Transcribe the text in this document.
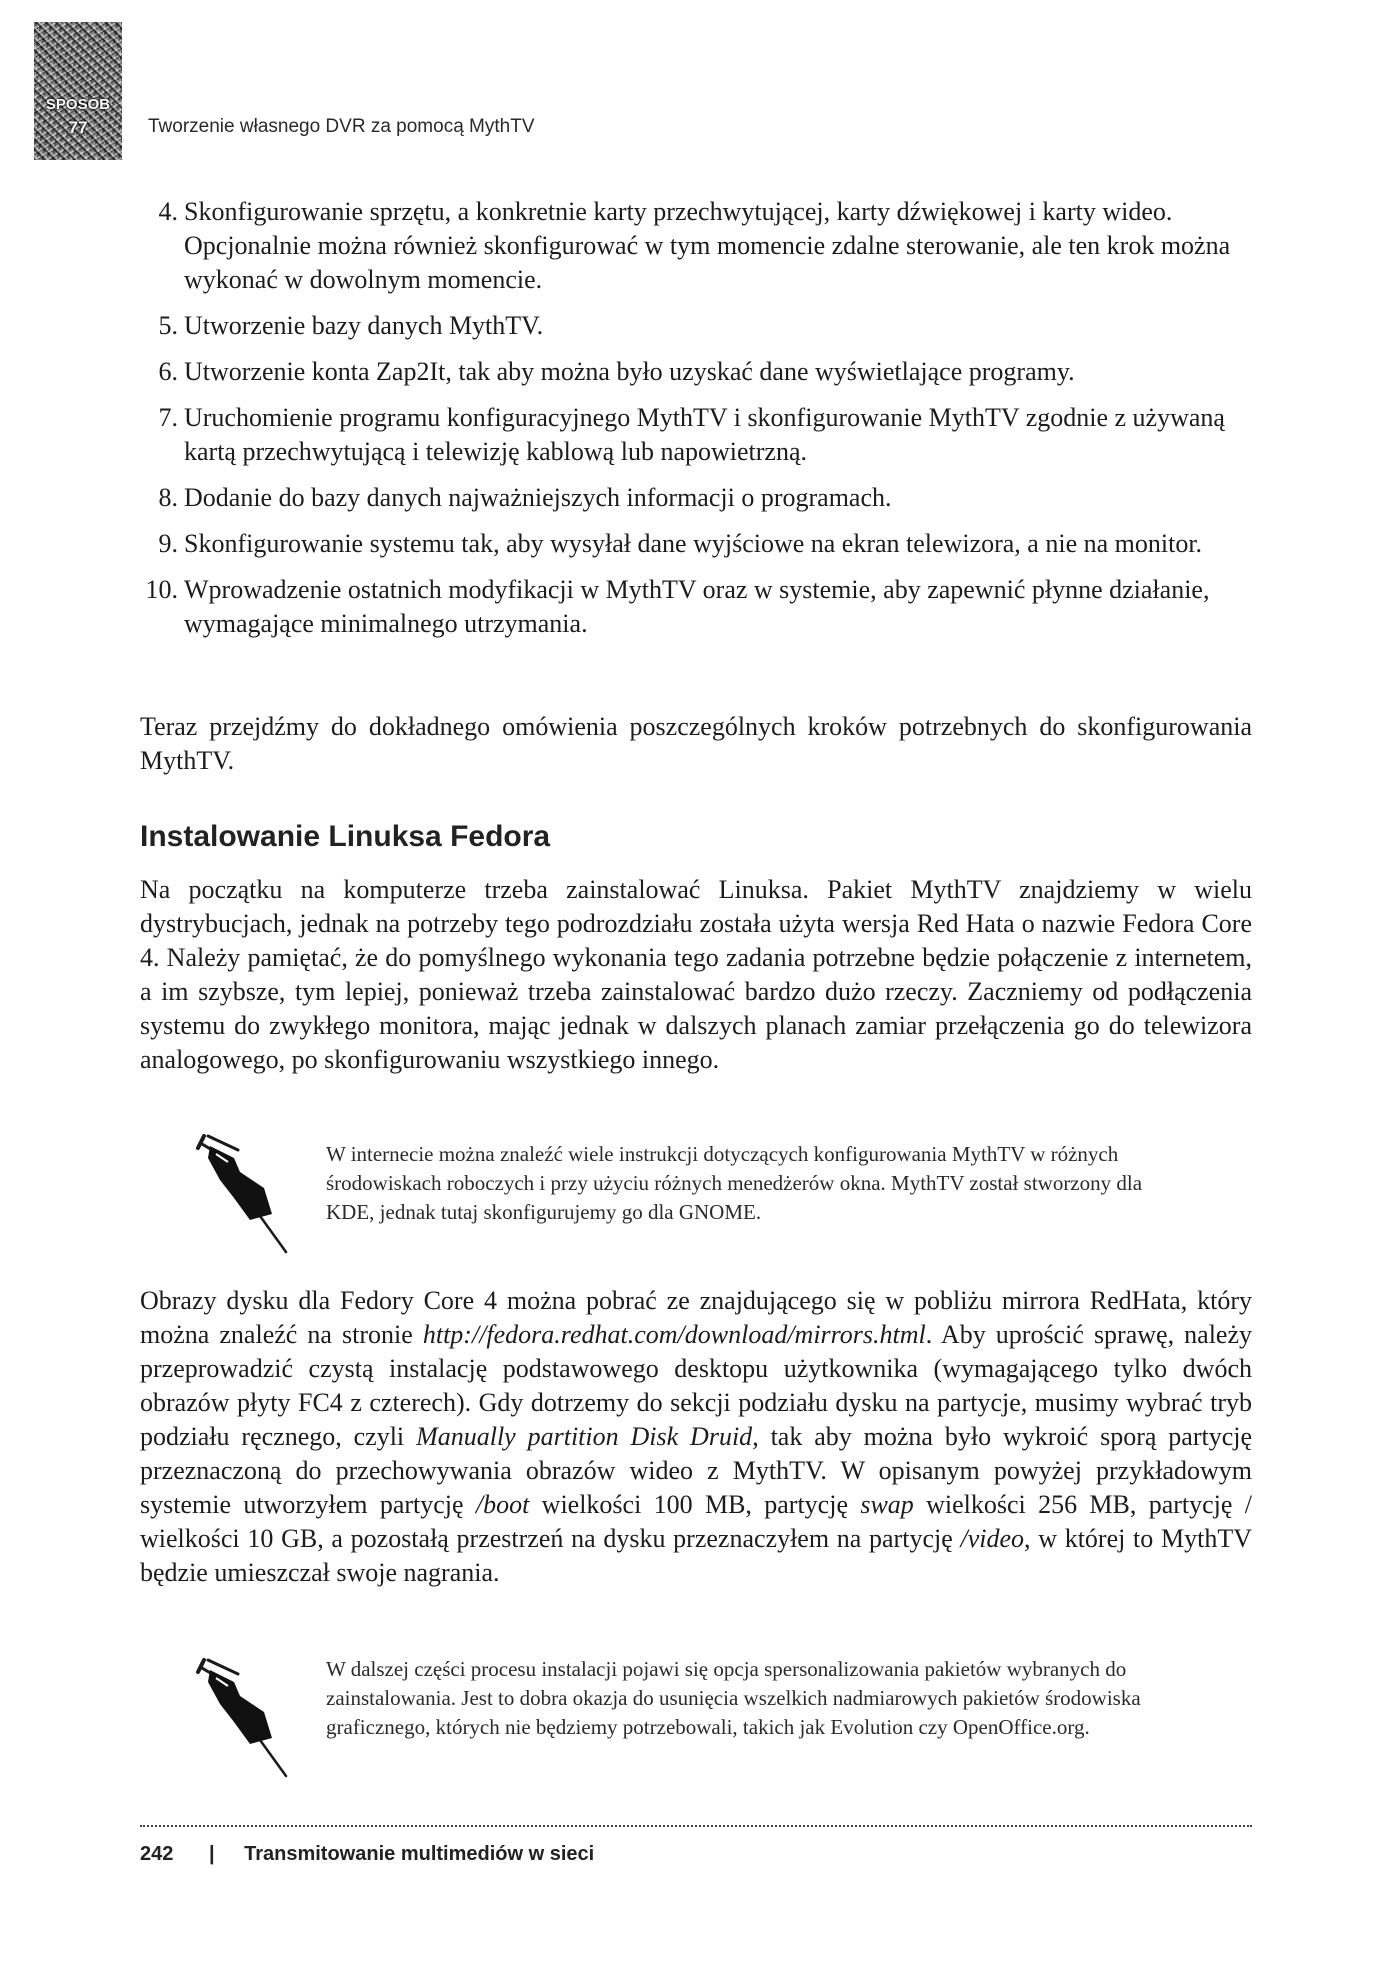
SPOSÓB
77	Tworzenie własnego DVR za pomocą MythTV
4. Skonfigurowanie sprzętu, a konkretnie karty przechwytującej, karty dźwiękowej i karty wideo. Opcjonalnie można również skonfigurować w tym momencie zdalne sterowanie, ale ten krok można wykonać w dowolnym momencie.
5. Utworzenie bazy danych MythTV.
6. Utworzenie konta Zap2It, tak aby można było uzyskać dane wyświetlające programy.
7. Uruchomienie programu konfiguracyjnego MythTV i skonfigurowanie MythTV zgodnie z używaną kartą przechwytującą i telewizję kablową lub napowietrzną.
8. Dodanie do bazy danych najważniejszych informacji o programach.
9. Skonfigurowanie systemu tak, aby wysyłał dane wyjściowe na ekran telewizora, a nie na monitor.
10. Wprowadzenie ostatnich modyfikacji w MythTV oraz w systemie, aby zapewnić płynne działanie, wymagające minimalnego utrzymania.

Teraz przejdźmy do dokładnego omówienia poszczególnych kroków potrzebnych do skonfigurowania MythTV.

Instalowanie Linuksa Fedora

Na początku na komputerze trzeba zainstalować Linuksa. Pakiet MythTV znajdziemy w wielu dystrybucjach, jednak na potrzeby tego podrozdziału została użyta wersja Red Hata o nazwie Fedora Core 4. Należy pamiętać, że do pomyślnego wykonania tego zadania potrzebne będzie połączenie z internetem, a im szybsze, tym lepiej, ponieważ trzeba zainstalować bardzo dużo rzeczy. Zaczniemy od podłączenia systemu do zwykłego monitora, mając jednak w dalszych planach zamiar przełączenia go do telewizora analogowego, po skonfigurowaniu wszystkiego innego.

W internecie można znaleźć wiele instrukcji dotyczących konfigurowania MythTV w różnych środowiskach roboczych i przy użyciu różnych menedżerów okna. MythTV został stworzony dla KDE, jednak tutaj skonfigurujemy go dla GNOME.

Obrazy dysku dla Fedory Core 4 można pobrać ze znajdującego się w pobliżu mirrora RedHata, który można znaleźć na stronie http://fedora.redhat.com/download/mirrors.html. Aby uprościć sprawę, należy przeprowadzić czystą instalację podstawowego desktopu użytkownika (wymagającego tylko dwóch obrazów płyty FC4 z czterech). Gdy dotrzemy do sekcji podziału dysku na partycje, musimy wybrać tryb podziału ręcznego, czyli Manually partition Disk Druid, tak aby można było wykroić sporą partycję przeznaczoną do przechowywania obrazów wideo z MythTV. W opisanym powyżej przykładowym systemie utworzyłem partycję /boot wielkości 100 MB, partycję swap wielkości 256 MB, partycję / wielkości 10 GB, a pozostałą przestrzeń na dysku przeznaczyłem na partycję /video, w której to MythTV będzie umieszczał swoje nagrania.

W dalszej części procesu instalacji pojawi się opcja spersonalizowania pakietów wybranych do zainstalowania. Jest to dobra okazja do usunięcia wszelkich nadmiarowych pakietów środowiska graficznego, których nie będziemy potrzebowali, takich jak Evolution czy OpenOffice.org.

242 | Transmitowanie multimediów w sieci
